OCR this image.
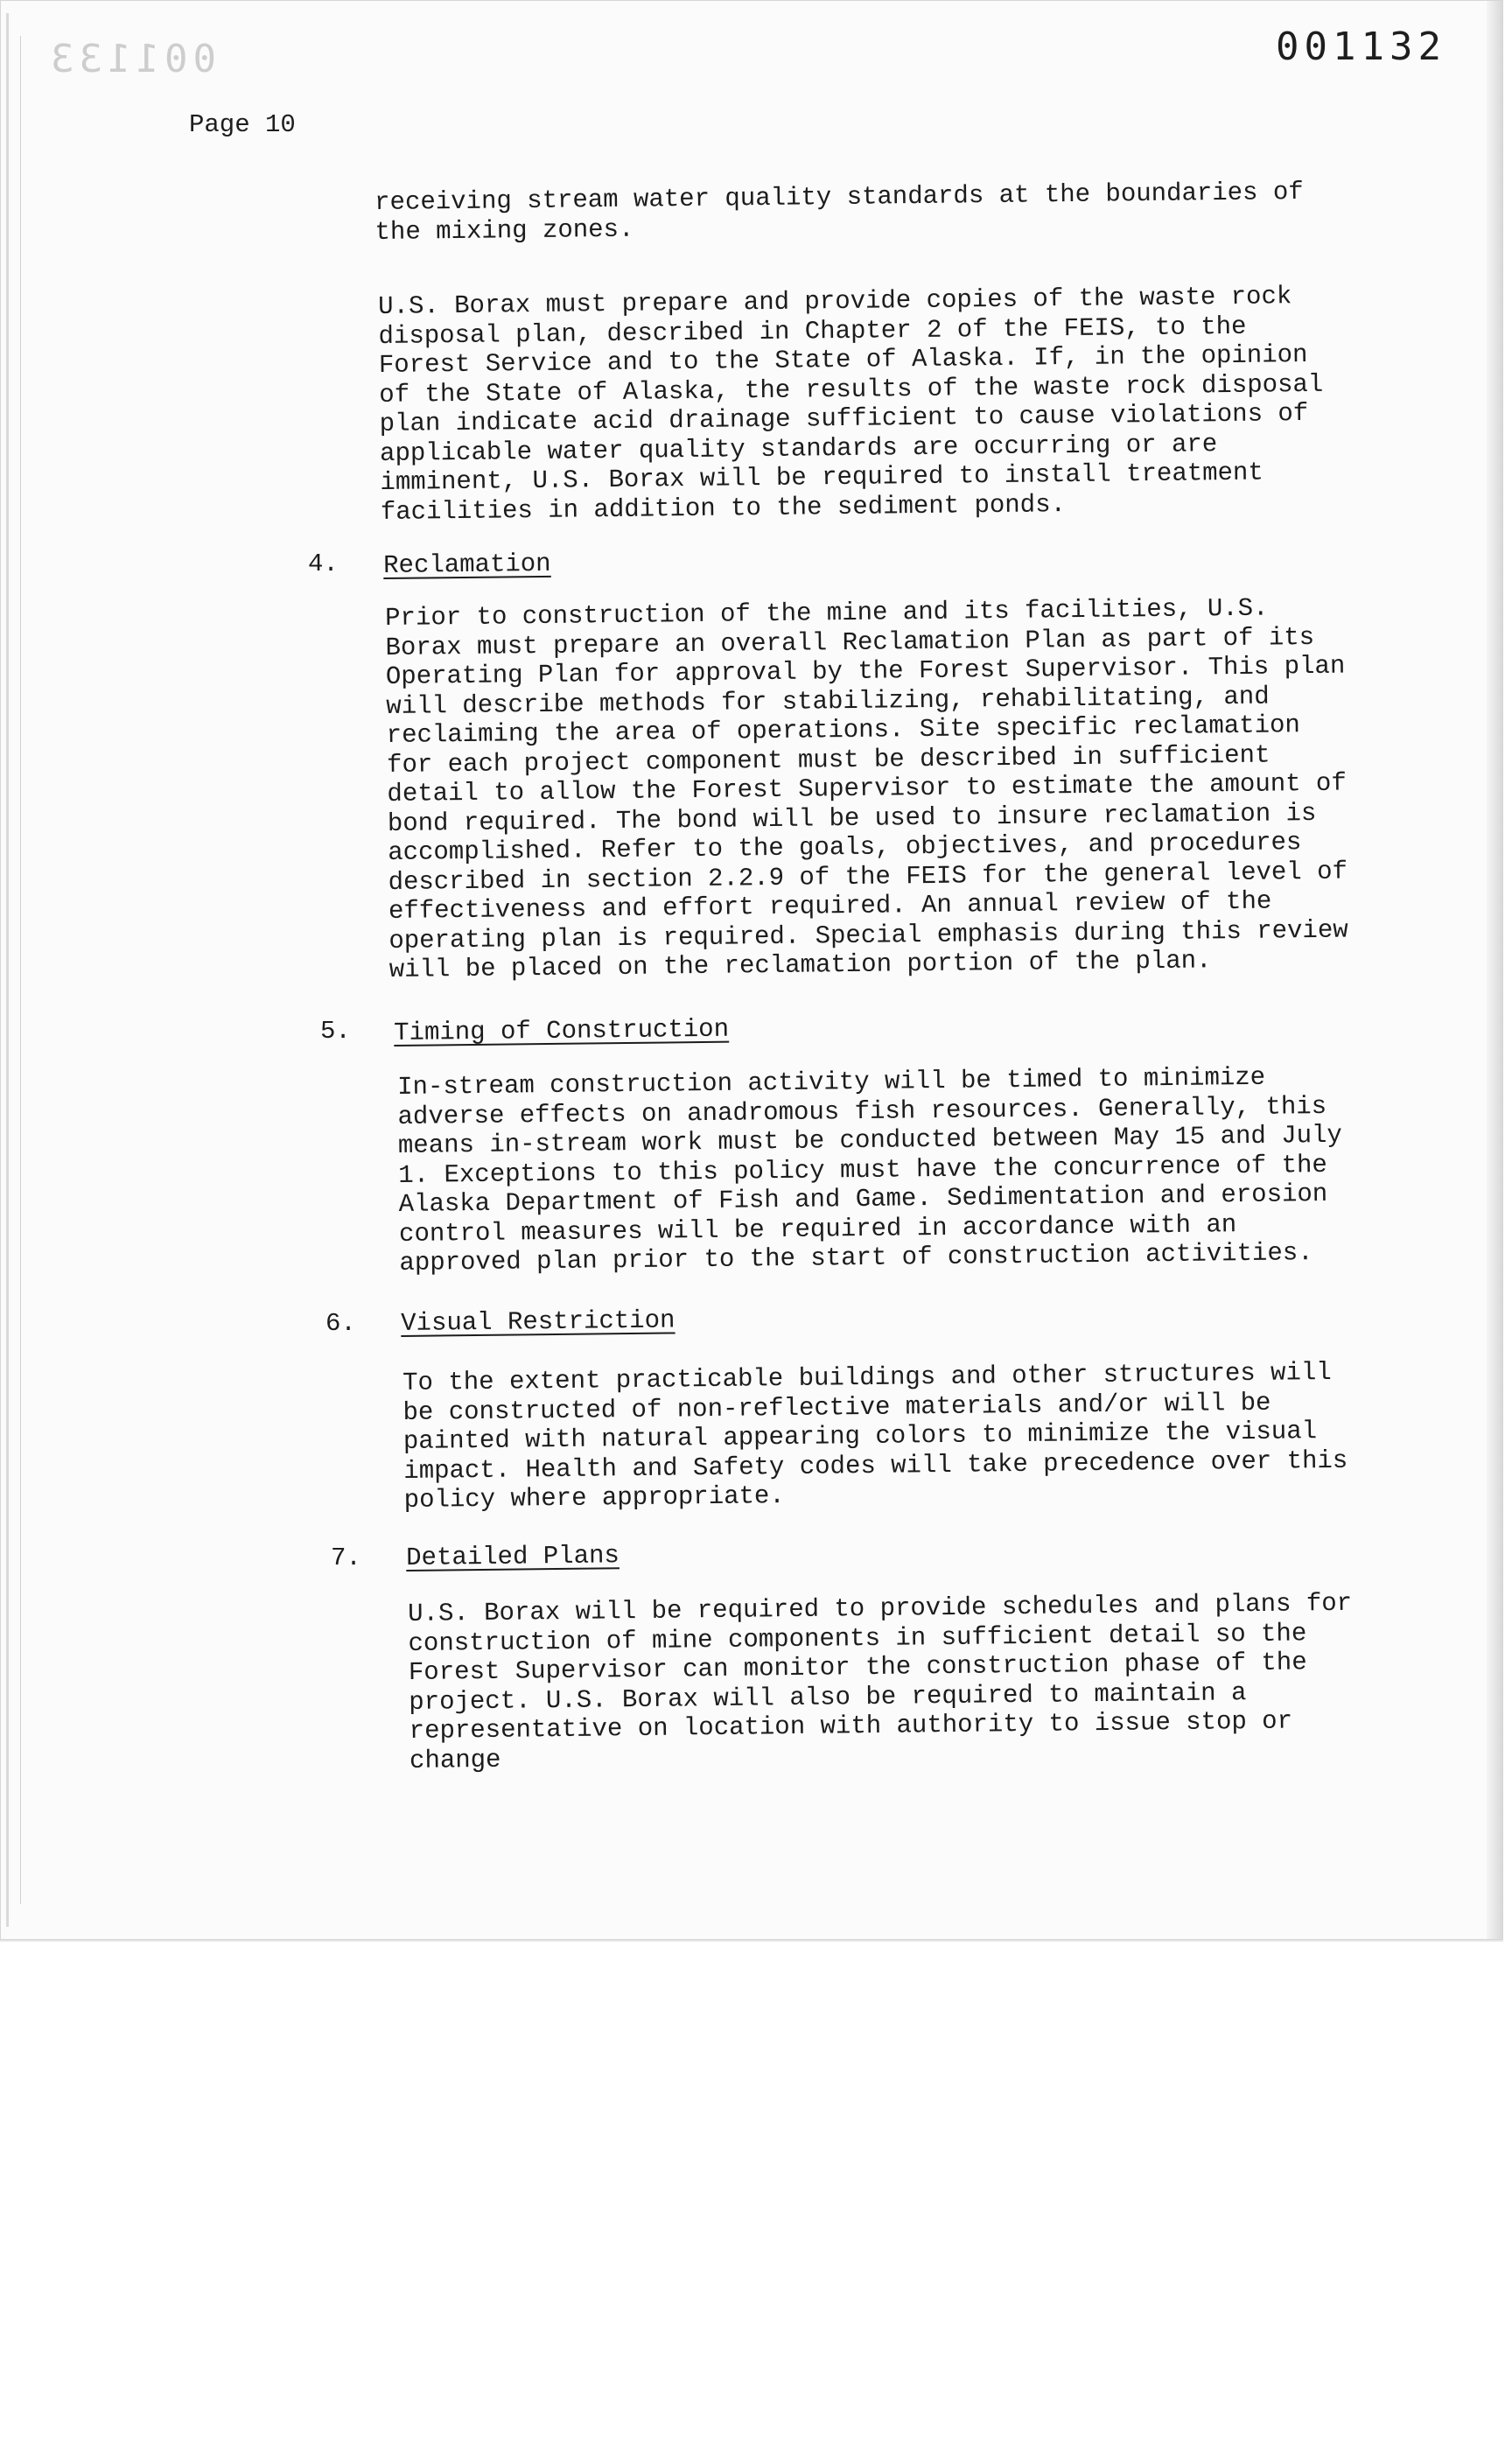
001133	001132
Page 10

receiving stream water quality standards at the boundaries of the mixing zones.

U.S. Borax must prepare and provide copies of the waste rock disposal plan, described in Chapter 2 of the FEIS, to the Forest Service and to the State of Alaska. If, in the opinion of the State of Alaska, the results of the waste rock disposal plan indicate acid drainage sufficient to cause violations of applicable water quality standards are occurring or are imminent, U.S. Borax will be required to install treatment facilities in addition to the sediment ponds.

4. Reclamation

Prior to construction of the mine and its facilities, U.S. Borax must prepare an overall Reclamation Plan as part of its Operating Plan for approval by the Forest Supervisor. This plan will describe methods for stabilizing, rehabilitating, and reclaiming the area of operations. Site specific reclamation for each project component must be described in sufficient detail to allow the Forest Supervisor to estimate the amount of bond required. The bond will be used to insure reclamation is accomplished. Refer to the goals, objectives, and procedures described in section 2.2.9 of the FEIS for the general level of effectiveness and effort required. An annual review of the operating plan is required. Special emphasis during this review will be placed on the reclamation portion of the plan.

5. Timing of Construction

In-stream construction activity will be timed to minimize adverse effects on anadromous fish resources. Generally, this means in-stream work must be conducted between May 15 and July 1. Exceptions to this policy must have the concurrence of the Alaska Department of Fish and Game. Sedimentation and erosion control measures will be required in accordance with an approved plan prior to the start of construction activities.

6. Visual Restriction

To the extent practicable buildings and other structures will be constructed of non-reflective materials and/or will be painted with natural appearing colors to minimize the visual impact. Health and Safety codes will take precedence over this policy where appropriate.

7. Detailed Plans

U.S. Borax will be required to provide schedules and plans for construction of mine components in sufficient detail so the Forest Supervisor can monitor the construction phase of the project. U.S. Borax will also be required to maintain a representative on location with authority to issue stop or change
